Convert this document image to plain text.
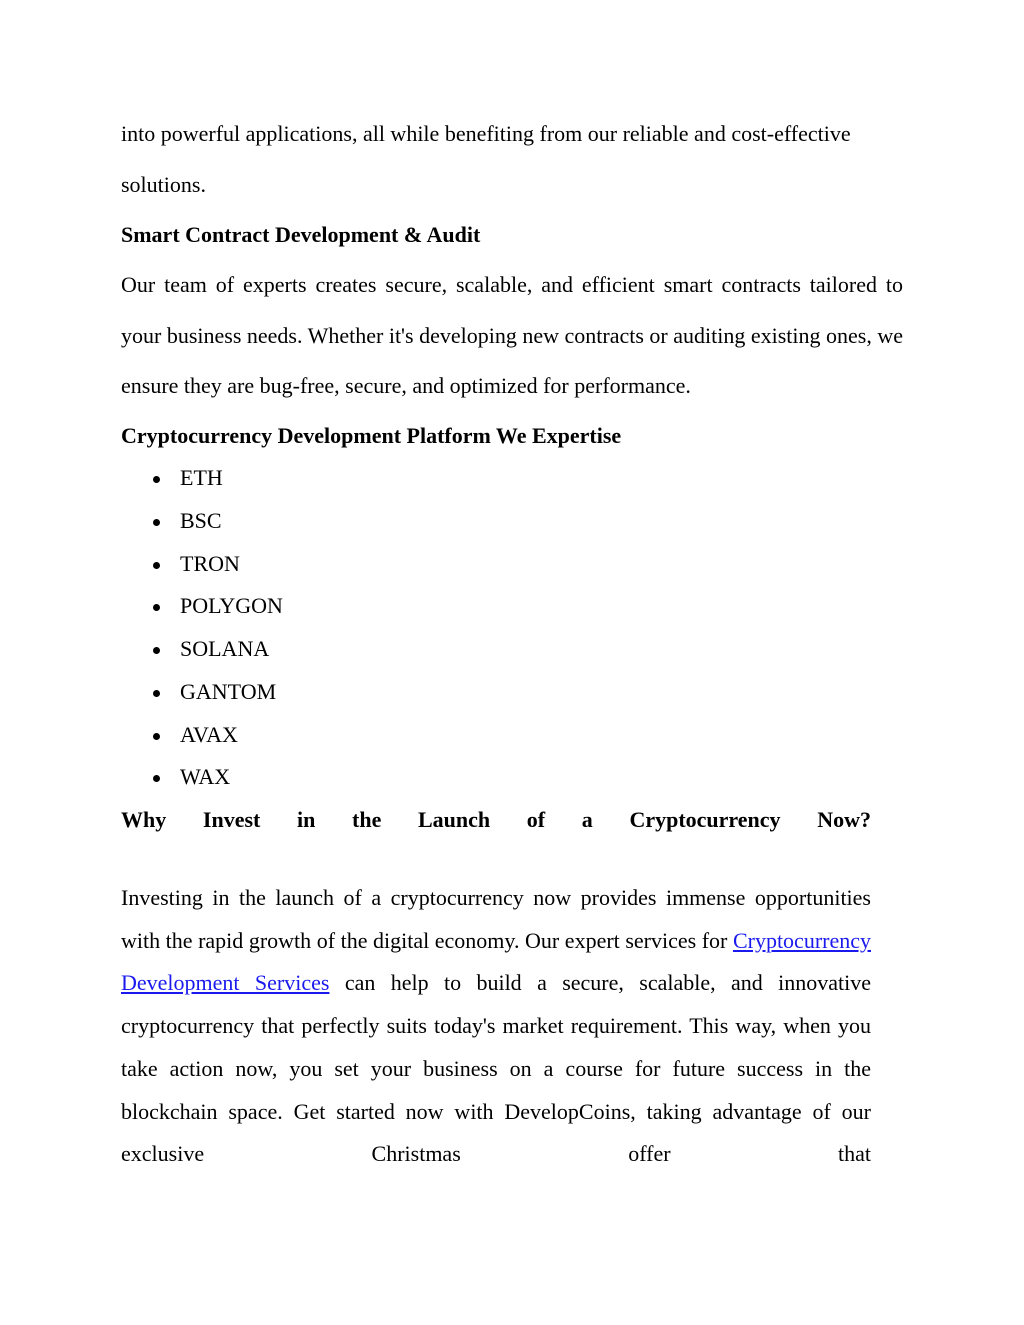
into powerful applications, all while benefiting from our reliable and cost-effective

solutions.

Smart Contract Development & Audit

Our team of experts creates secure, scalable, and efficient smart contracts tailored to your business needs. Whether it's developing new contracts or auditing existing ones, we ensure they are bug-free, secure, and optimized for performance.

Cryptocurrency Development Platform We Expertise
ETH
BSC
TRON
POLYGON
SOLANA
GANTOM
AVAX
WAX
Why Invest in the Launch of a Cryptocurrency Now?

Investing in the launch of a cryptocurrency now provides immense opportunities with the rapid growth of the digital economy. Our expert services for Cryptocurrency Development Services can help to build a secure, scalable, and innovative cryptocurrency that perfectly suits today's market requirement. This way, when you take action now, you set your business on a course for future success in the blockchain space. Get started now with DevelopCoins, taking advantage of our exclusive Christmas offer that
